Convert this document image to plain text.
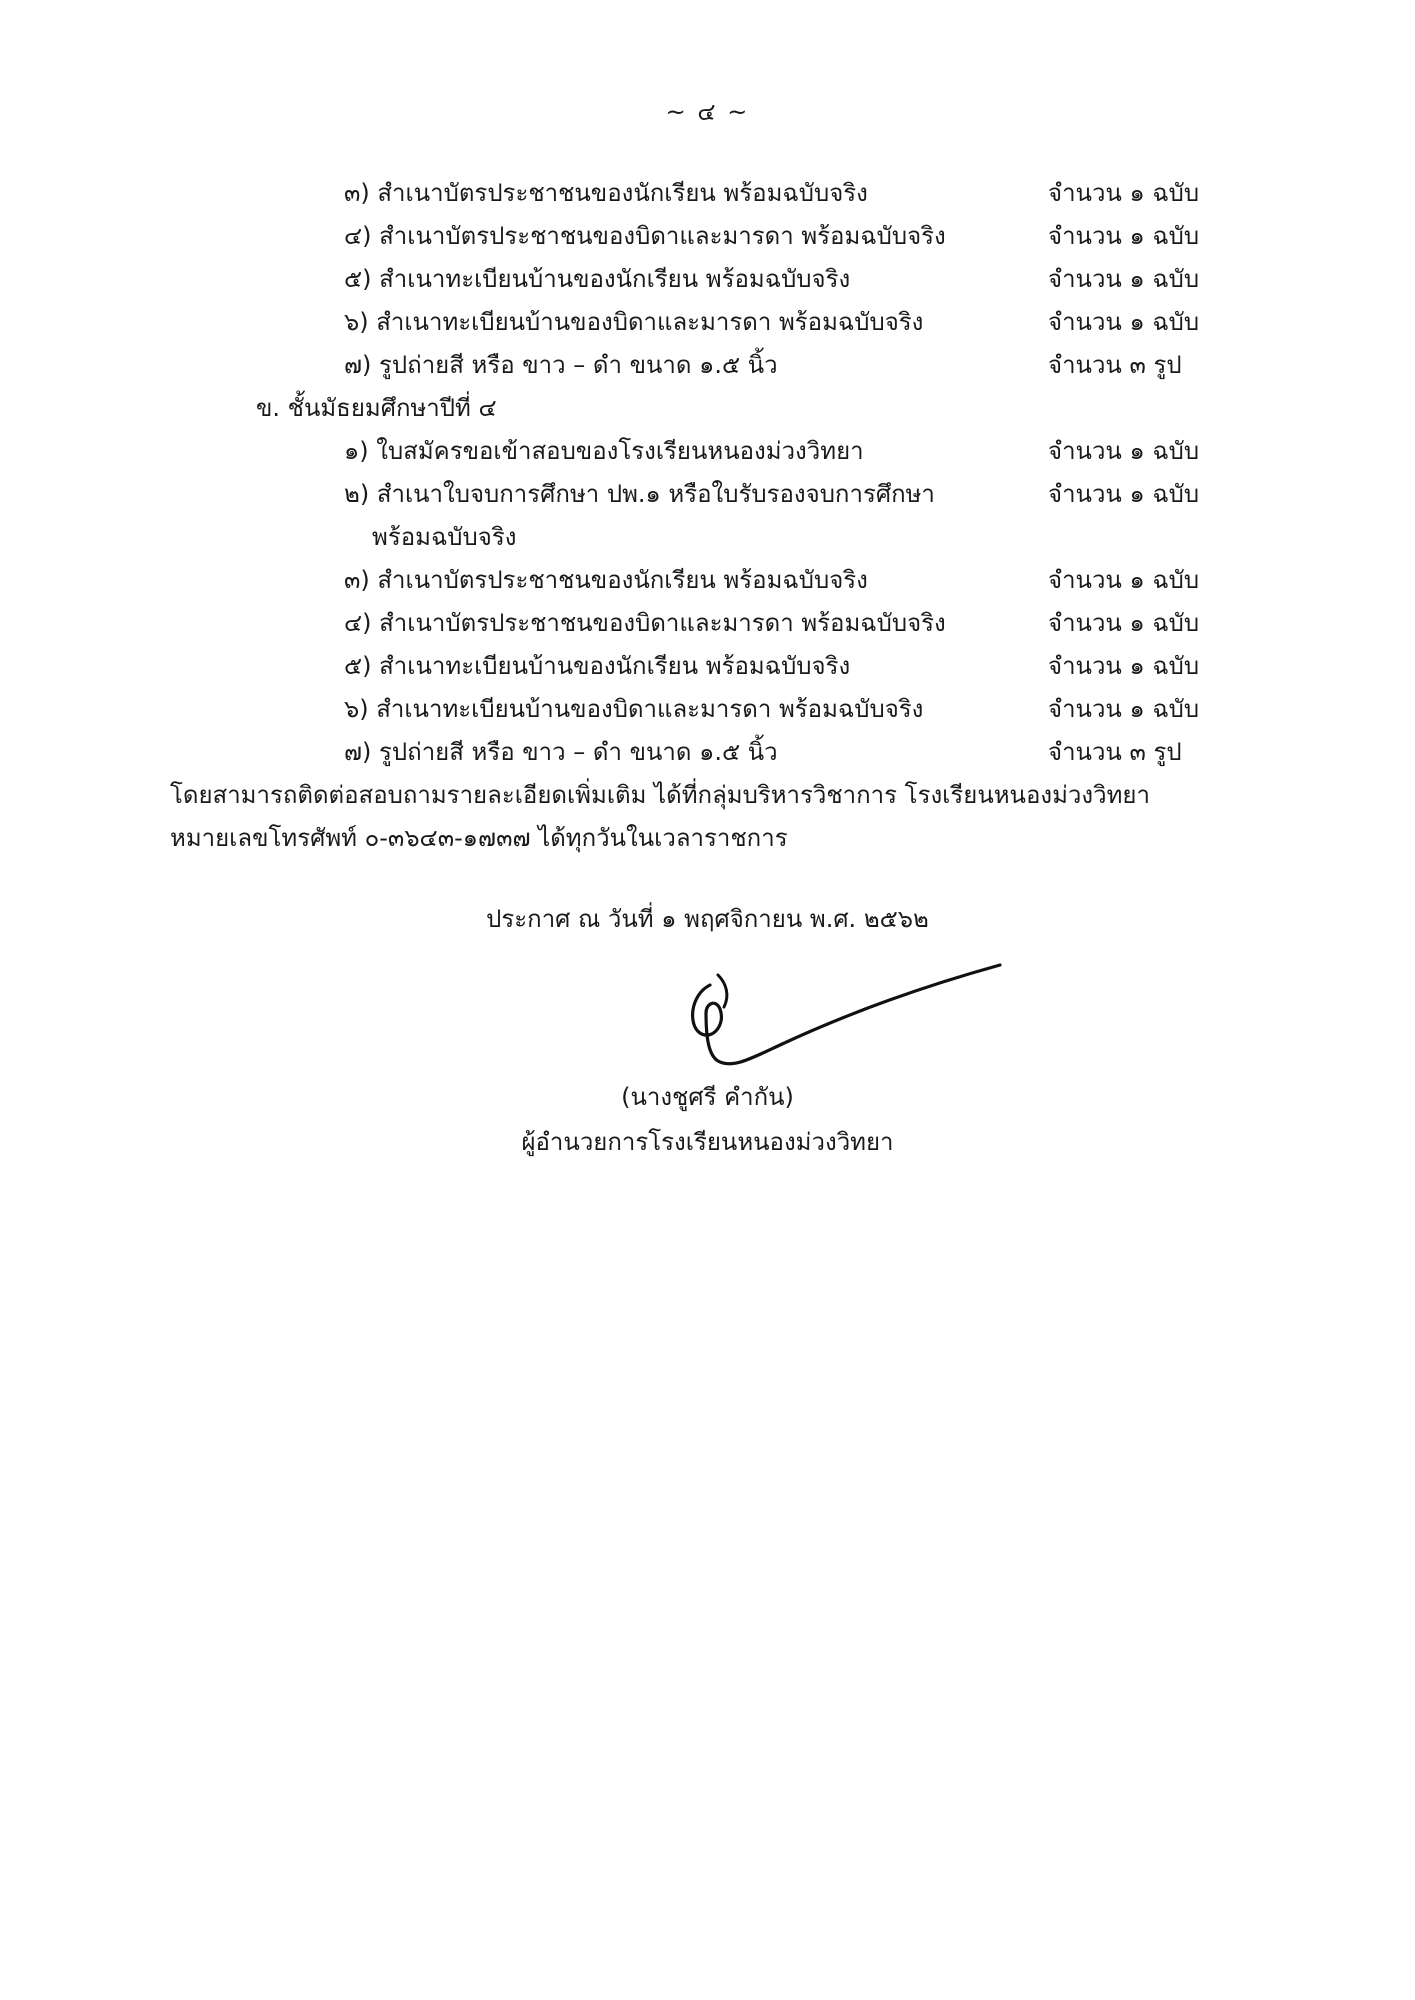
~ ๔ ~
๓) สำเนาบัตรประชาชนของนักเรียน พร้อมฉบับจริง	จำนวน ๑ ฉบับ
๔) สำเนาบัตรประชาชนของบิดาและมารดา พร้อมฉบับจริง	จำนวน ๑ ฉบับ
๕) สำเนาทะเบียนบ้านของนักเรียน พร้อมฉบับจริง	จำนวน ๑ ฉบับ
๖) สำเนาทะเบียนบ้านของบิดาและมารดา พร้อมฉบับจริง	จำนวน ๑ ฉบับ
๗) รูปถ่ายสี หรือ ขาว – ดำ ขนาด ๑.๕ นิ้ว	จำนวน ๓ รูป
ข. ชั้นมัธยมศึกษาปีที่ ๔
๑) ใบสมัครขอเข้าสอบของโรงเรียนหนองม่วงวิทยา	จำนวน ๑ ฉบับ
๒) สำเนาใบจบการศึกษา ปพ.๑ หรือใบรับรองจบการศึกษา	จำนวน ๑ ฉบับ
พร้อมฉบับจริง
๓) สำเนาบัตรประชาชนของนักเรียน พร้อมฉบับจริง	จำนวน ๑ ฉบับ
๔) สำเนาบัตรประชาชนของบิดาและมารดา พร้อมฉบับจริง	จำนวน ๑ ฉบับ
๕) สำเนาทะเบียนบ้านของนักเรียน พร้อมฉบับจริง	จำนวน ๑ ฉบับ
๖) สำเนาทะเบียนบ้านของบิดาและมารดา พร้อมฉบับจริง	จำนวน ๑ ฉบับ
๗) รูปถ่ายสี หรือ ขาว – ดำ ขนาด ๑.๕ นิ้ว	จำนวน ๓ รูป
โดยสามารถติดต่อสอบถามรายละเอียดเพิ่มเติม ได้ที่กลุ่มบริหารวิชาการ โรงเรียนหนองม่วงวิทยา
หมายเลขโทรศัพท์ ๐-๓๖๔๓-๑๗๓๗ ได้ทุกวันในเวลาราชการ
ประกาศ ณ วันที่ ๑ พฤศจิกายน พ.ศ. ๒๕๖๒
(นางชูศรี คำกัน)
ผู้อำนวยการโรงเรียนหนองม่วงวิทยา
